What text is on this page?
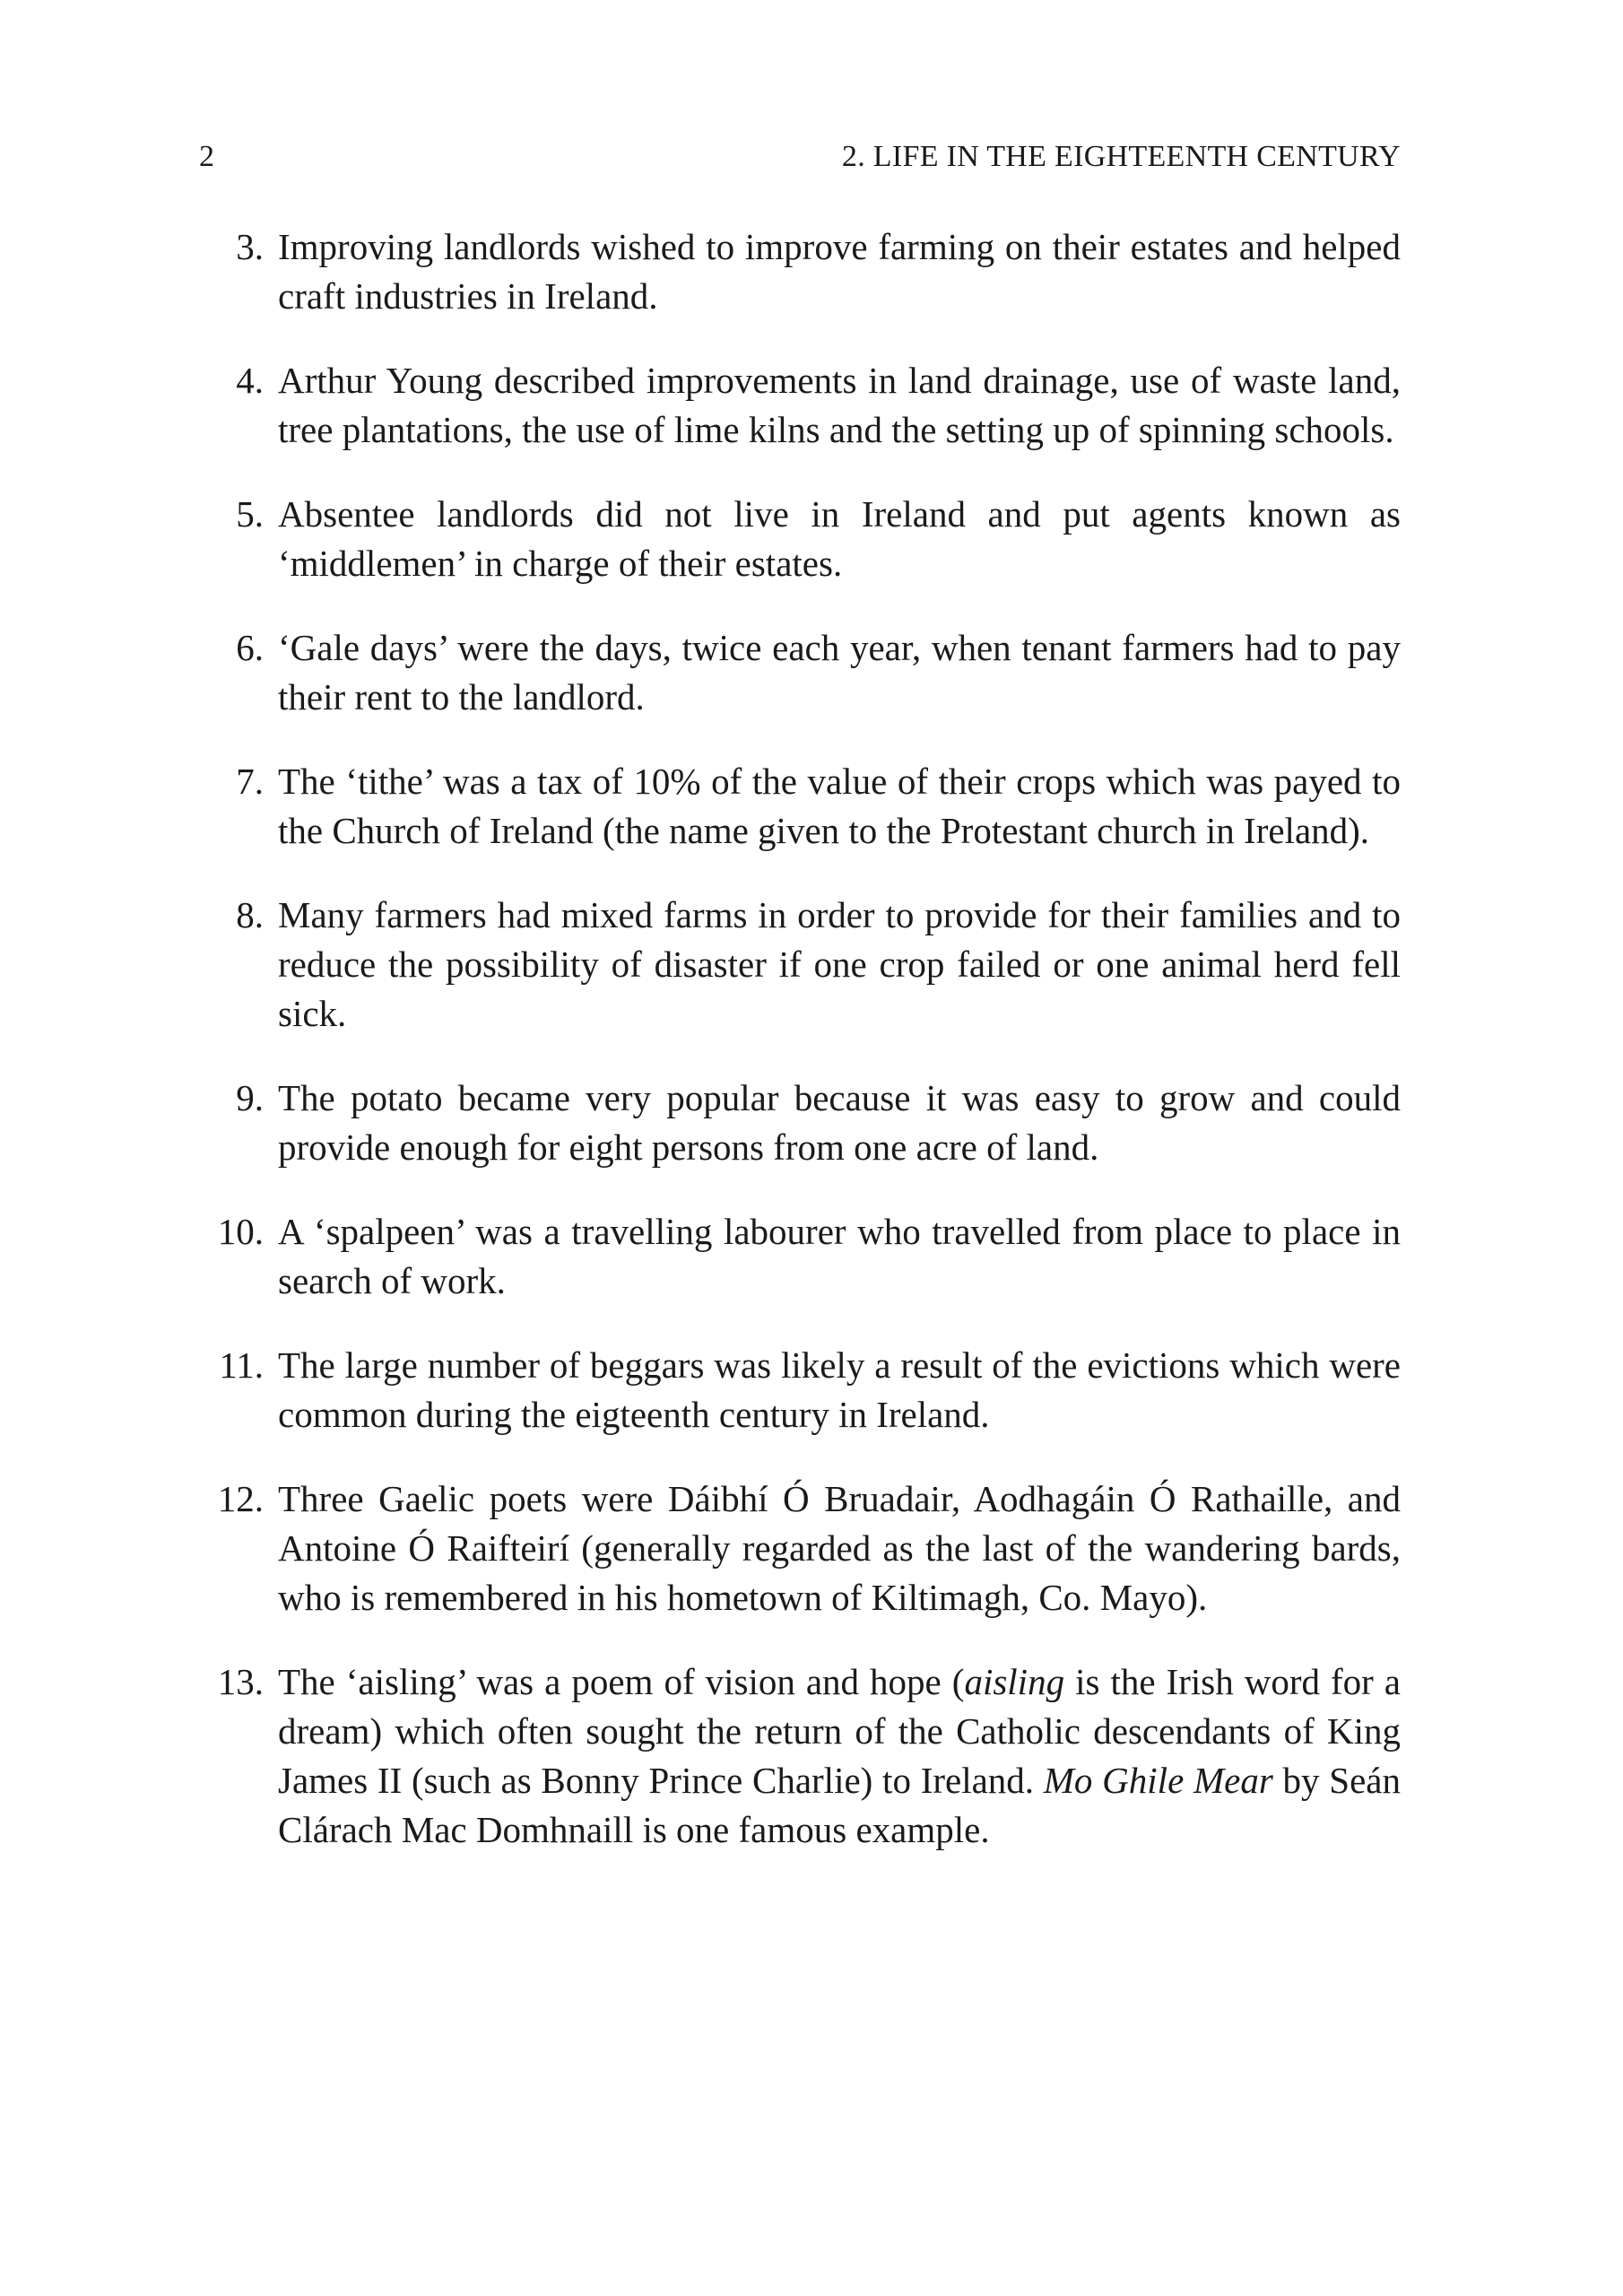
2	2. LIFE IN THE EIGHTEENTH CENTURY
3. Improving landlords wished to improve farming on their estates and helped craft industries in Ireland.
4. Arthur Young described improvements in land drainage, use of waste land, tree plantations, the use of lime kilns and the setting up of spinning schools.
5. Absentee landlords did not live in Ireland and put agents known as ‘middlemen’ in charge of their estates.
6. ‘Gale days’ were the days, twice each year, when tenant farmers had to pay their rent to the landlord.
7. The ‘tithe’ was a tax of 10% of the value of their crops which was payed to the Church of Ireland (the name given to the Protestant church in Ireland).
8. Many farmers had mixed farms in order to provide for their families and to reduce the possibility of disaster if one crop failed or one animal herd fell sick.
9. The potato became very popular because it was easy to grow and could provide enough for eight persons from one acre of land.
10. A ‘spalpeen’ was a travelling labourer who travelled from place to place in search of work.
11. The large number of beggars was likely a result of the evictions which were common during the eigteenth century in Ireland.
12. Three Gaelic poets were Dáibhí Ó Bruadair, Aodhagáin Ó Rathaille, and Antoine Ó Raifteirí (generally regarded as the last of the wandering bards, who is remembered in his hometown of Kiltimagh, Co. Mayo).
13. The ‘aisling’ was a poem of vision and hope (aisling is the Irish word for a dream) which often sought the return of the Catholic descendants of King James II (such as Bonny Prince Charlie) to Ireland. Mo Ghile Mear by Seán Clárach Mac Domhnaill is one famous example.
